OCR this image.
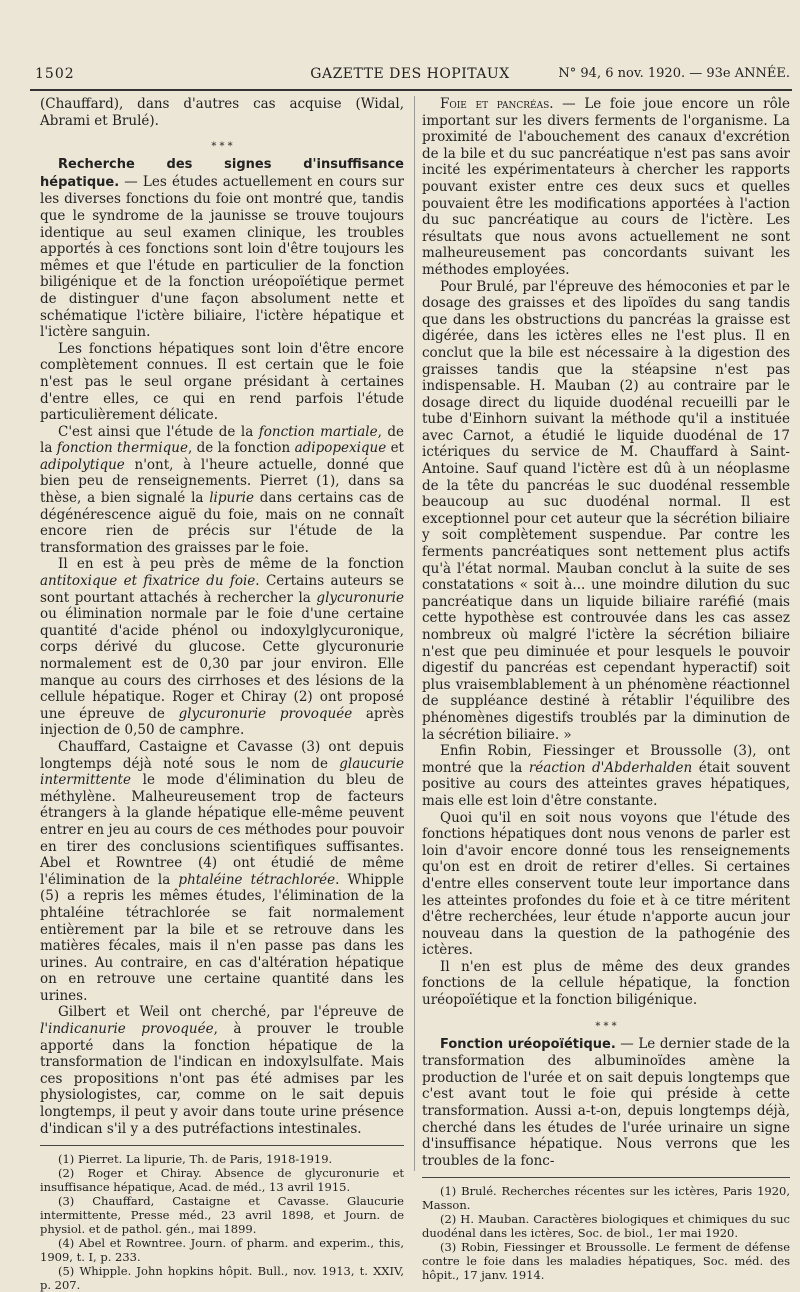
1502	GAZETTE DES HOPITAUX	N° 94, 6 nov. 1920. — 93e ANNÉE.

(Chauffard), dans d'autres cas acquise (Widal, Abrami et Brulé).

* * *

Recherche des signes d'insuffisance hépatique. — Les études actuellement en cours sur les diverses fonctions du foie ont montré que, tandis que le syndrome de la jaunisse se trouve toujours identique au seul examen clinique, les troubles apportés à ces fonctions sont loin d'être toujours les mêmes et que l'étude en particulier de la fonction biligénique et de la fonction uréopoïétique permet de distinguer d'une façon absolument nette et schématique l'ictère biliaire, l'ictère hépatique et l'ictère sanguin.

Les fonctions hépatiques sont loin d'être encore complètement connues. Il est certain que le foie n'est pas le seul organe présidant à certaines d'entre elles, ce qui en rend parfois l'étude particulièrement délicate.

C'est ainsi que l'étude de la fonction martiale, de la fonction thermique, de la fonction adipopexique et adipolytique n'ont, à l'heure actuelle, donné que bien peu de renseignements. Pierret (1), dans sa thèse, a bien signalé la lipurie dans certains cas de dégénérescence aiguë du foie, mais on ne connaît encore rien de précis sur l'étude de la transformation des graisses par le foie.

Il en est à peu près de même de la fonction antitoxique et fixatrice du foie. Certains auteurs se sont pourtant attachés à rechercher la glycuronurie ou élimination normale par le foie d'une certaine quantité d'acide phénol ou indoxylglycuronique, corps dérivé du glucose. Cette glycuronurie normalement est de 0,30 par jour environ. Elle manque au cours des cirrhoses et des lésions de la cellule hépatique. Roger et Chiray (2) ont proposé une épreuve de glycuronurie provoquée après injection de 0,50 de camphre.

Chauffard, Castaigne et Cavasse (3) ont depuis longtemps déjà noté sous le nom de glaucurie intermittente le mode d'élimination du bleu de méthylène. Malheureusement trop de facteurs étrangers à la glande hépatique elle-même peuvent entrer en jeu au cours de ces méthodes pour pouvoir en tirer des conclusions scientifiques suffisantes. Abel et Rowntree (4) ont étudié de même l'élimination de la phtaléine tétrachlorée. Whipple (5) a repris les mêmes études, l'élimination de la phtaléine tétrachlorée se fait normalement entièrement par la bile et se retrouve dans les matières fécales, mais il n'en passe pas dans les urines. Au contraire, en cas d'altération hépatique on en retrouve une certaine quantité dans les urines.

Gilbert et Weil ont cherché, par l'épreuve de l'indicanurie provoquée, à prouver le trouble apporté dans la fonction hépatique de la transformation de l'indican en indoxylsulfate. Mais ces propositions n'ont pas été admises par les physiologistes, car, comme on le sait depuis longtemps, il peut y avoir dans toute urine présence d'indican s'il y a des putréfactions intestinales.

(1) Pierret. La lipurie, Th. de Paris, 1918-1919.

(2) Roger et Chiray. Absence de glycuronurie et insuffisance hépatique, Acad. de méd., 13 avril 1915.

(3) Chauffard, Castaigne et Cavasse. Glaucurie intermittente, Presse méd., 23 avril 1898, et Journ. de physiol. et de pathol. gén., mai 1899.

(4) Abel et Rowntree. Journ. of pharm. and experim., this, 1909, t. I, p. 233.

(5) Whipple. John hopkins hôpit. Bull., nov. 1913, t. XXIV, p. 207.

Foie et pancréas. — Le foie joue encore un rôle important sur les divers ferments de l'organisme. La proximité de l'abouchement des canaux d'excrétion de la bile et du suc pancréatique n'est pas sans avoir incité les expérimentateurs à chercher les rapports pouvant exister entre ces deux sucs et quelles pouvaient être les modifications apportées à l'action du suc pancréatique au cours de l'ictère. Les résultats que nous avons actuellement ne sont malheureusement pas concordants suivant les méthodes employées.

Pour Brulé, par l'épreuve des hémoconies et par le dosage des graisses et des lipoïdes du sang tandis que dans les obstructions du pancréas la graisse est digérée, dans les ictères elles ne l'est plus. Il en conclut que la bile est nécessaire à la digestion des graisses tandis que la stéapsine n'est pas indispensable. H. Mauban (2) au contraire par le dosage direct du liquide duodénal recueilli par le tube d'Einhorn suivant la méthode qu'il a instituée avec Carnot, a étudié le liquide duodénal de 17 ictériques du service de M. Chauffard à Saint-Antoine. Sauf quand l'ictère est dû à un néoplasme de la tête du pancréas le suc duodénal ressemble beaucoup au suc duodénal normal. Il est exceptionnel pour cet auteur que la sécrétion biliaire y soit complètement suspendue. Par contre les ferments pancréatiques sont nettement plus actifs qu'à l'état normal. Mauban conclut à la suite de ses constatations « soit à... une moindre dilution du suc pancréatique dans un liquide biliaire raréfié (mais cette hypothèse est controuvée dans les cas assez nombreux où malgré l'ictère la sécrétion biliaire n'est que peu diminuée et pour lesquels le pouvoir digestif du pancréas est cependant hyperactif) soit plus vraisemblablement à un phénomène réactionnel de suppléance destiné à rétablir l'équilibre des phénomènes digestifs troublés par la diminution de la sécrétion biliaire. »

Enfin Robin, Fiessinger et Broussolle (3), ont montré que la réaction d'Abderhalden était souvent positive au cours des atteintes graves hépatiques, mais elle est loin d'être constante.

Quoi qu'il en soit nous voyons que l'étude des fonctions hépatiques dont nous venons de parler est loin d'avoir encore donné tous les renseignements qu'on est en droit de retirer d'elles. Si certaines d'entre elles conservent toute leur importance dans les atteintes profondes du foie et à ce titre méritent d'être recherchées, leur étude n'apporte aucun jour nouveau dans la question de la pathogénie des ictères.

Il n'en est plus de même des deux grandes fonctions de la cellule hépatique, la fonction uréopoïétique et la fonction biligénique.

* * *

Fonction uréopoïétique. — Le dernier stade de la transformation des albuminoïdes amène la production de l'urée et on sait depuis longtemps que c'est avant tout le foie qui préside à cette transformation. Aussi a-t-on, depuis longtemps déjà, cherché dans les études de l'urée urinaire un signe d'insuffisance hépatique. Nous verrons que les troubles de la fonc-

(1) Brulé. Recherches récentes sur les ictères, Paris 1920, Masson.

(2) H. Mauban. Caractères biologiques et chimiques du suc duodénal dans les ictères, Soc. de biol., 1er mai 1920.

(3) Robin, Fiessinger et Broussolle. Le ferment de défense contre le foie dans les maladies hépatiques, Soc. méd. des hôpit., 17 janv. 1914.
